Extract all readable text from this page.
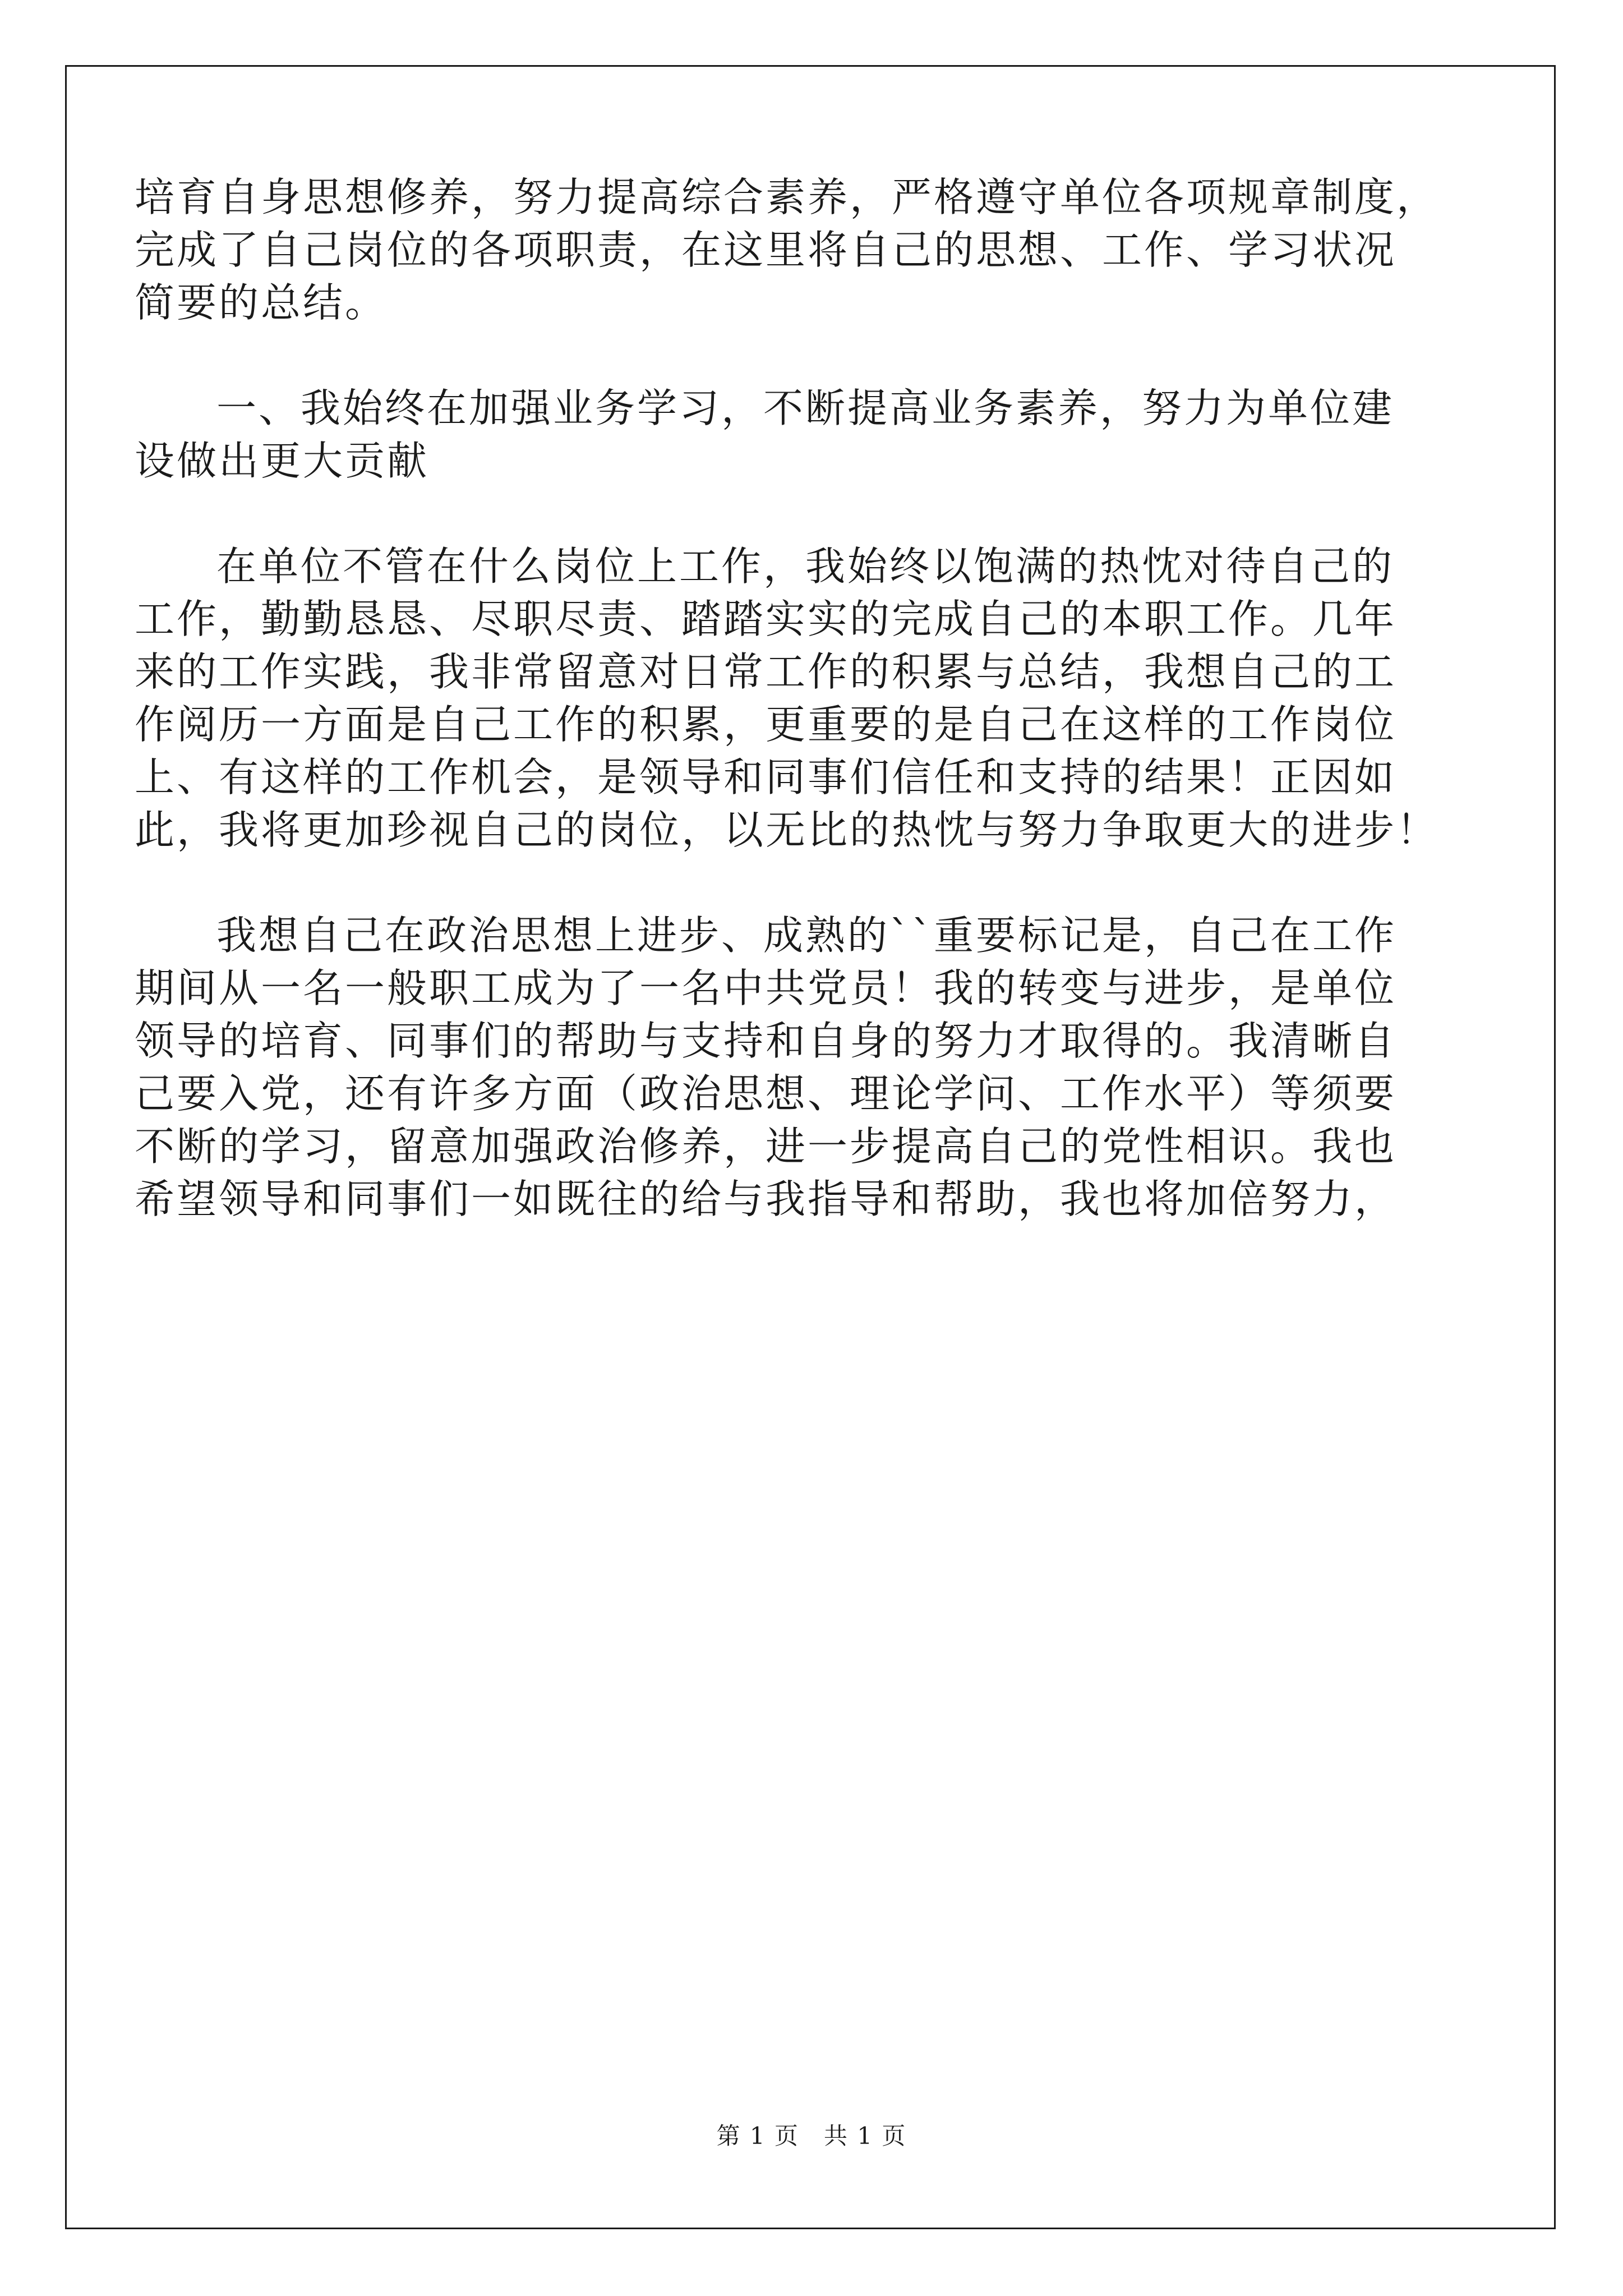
培育自身思想修养，努力提高综合素养，严格遵守单位各项规章制度，

完成了自己岗位的各项职责，在这里将自己的思想、工作、学习状况

简要的总结。

一、我始终在加强业务学习，不断提高业务素养，努力为单位建

设做出更大贡献

在单位不管在什么岗位上工作，我始终以饱满的热忱对待自己的

工作，勤勤恳恳、尽职尽责、踏踏实实的完成自己的本职工作。几年

来的工作实践，我非常留意对日常工作的积累与总结，我想自己的工

作阅历一方面是自己工作的积累，更重要的是自己在这样的工作岗位

上、有这样的工作机会，是领导和同事们信任和支持的结果！正因如

此，我将更加珍视自己的岗位，以无比的热忱与努力争取更大的进步！

我想自己在政治思想上进步、成熟的``重要标记是，自己在工作

期间从一名一般职工成为了一名中共党员！我的转变与进步，是单位

领导的培育、同事们的帮助与支持和自身的努力才取得的。我清晰自

己要入党，还有许多方面（政治思想、理论学问、工作水平）等须要

不断的学习，留意加强政治修养，进一步提高自己的党性相识。我也

希望领导和同事们一如既往的给与我指导和帮助，我也将加倍努力，

第 1 页　共 1 页
